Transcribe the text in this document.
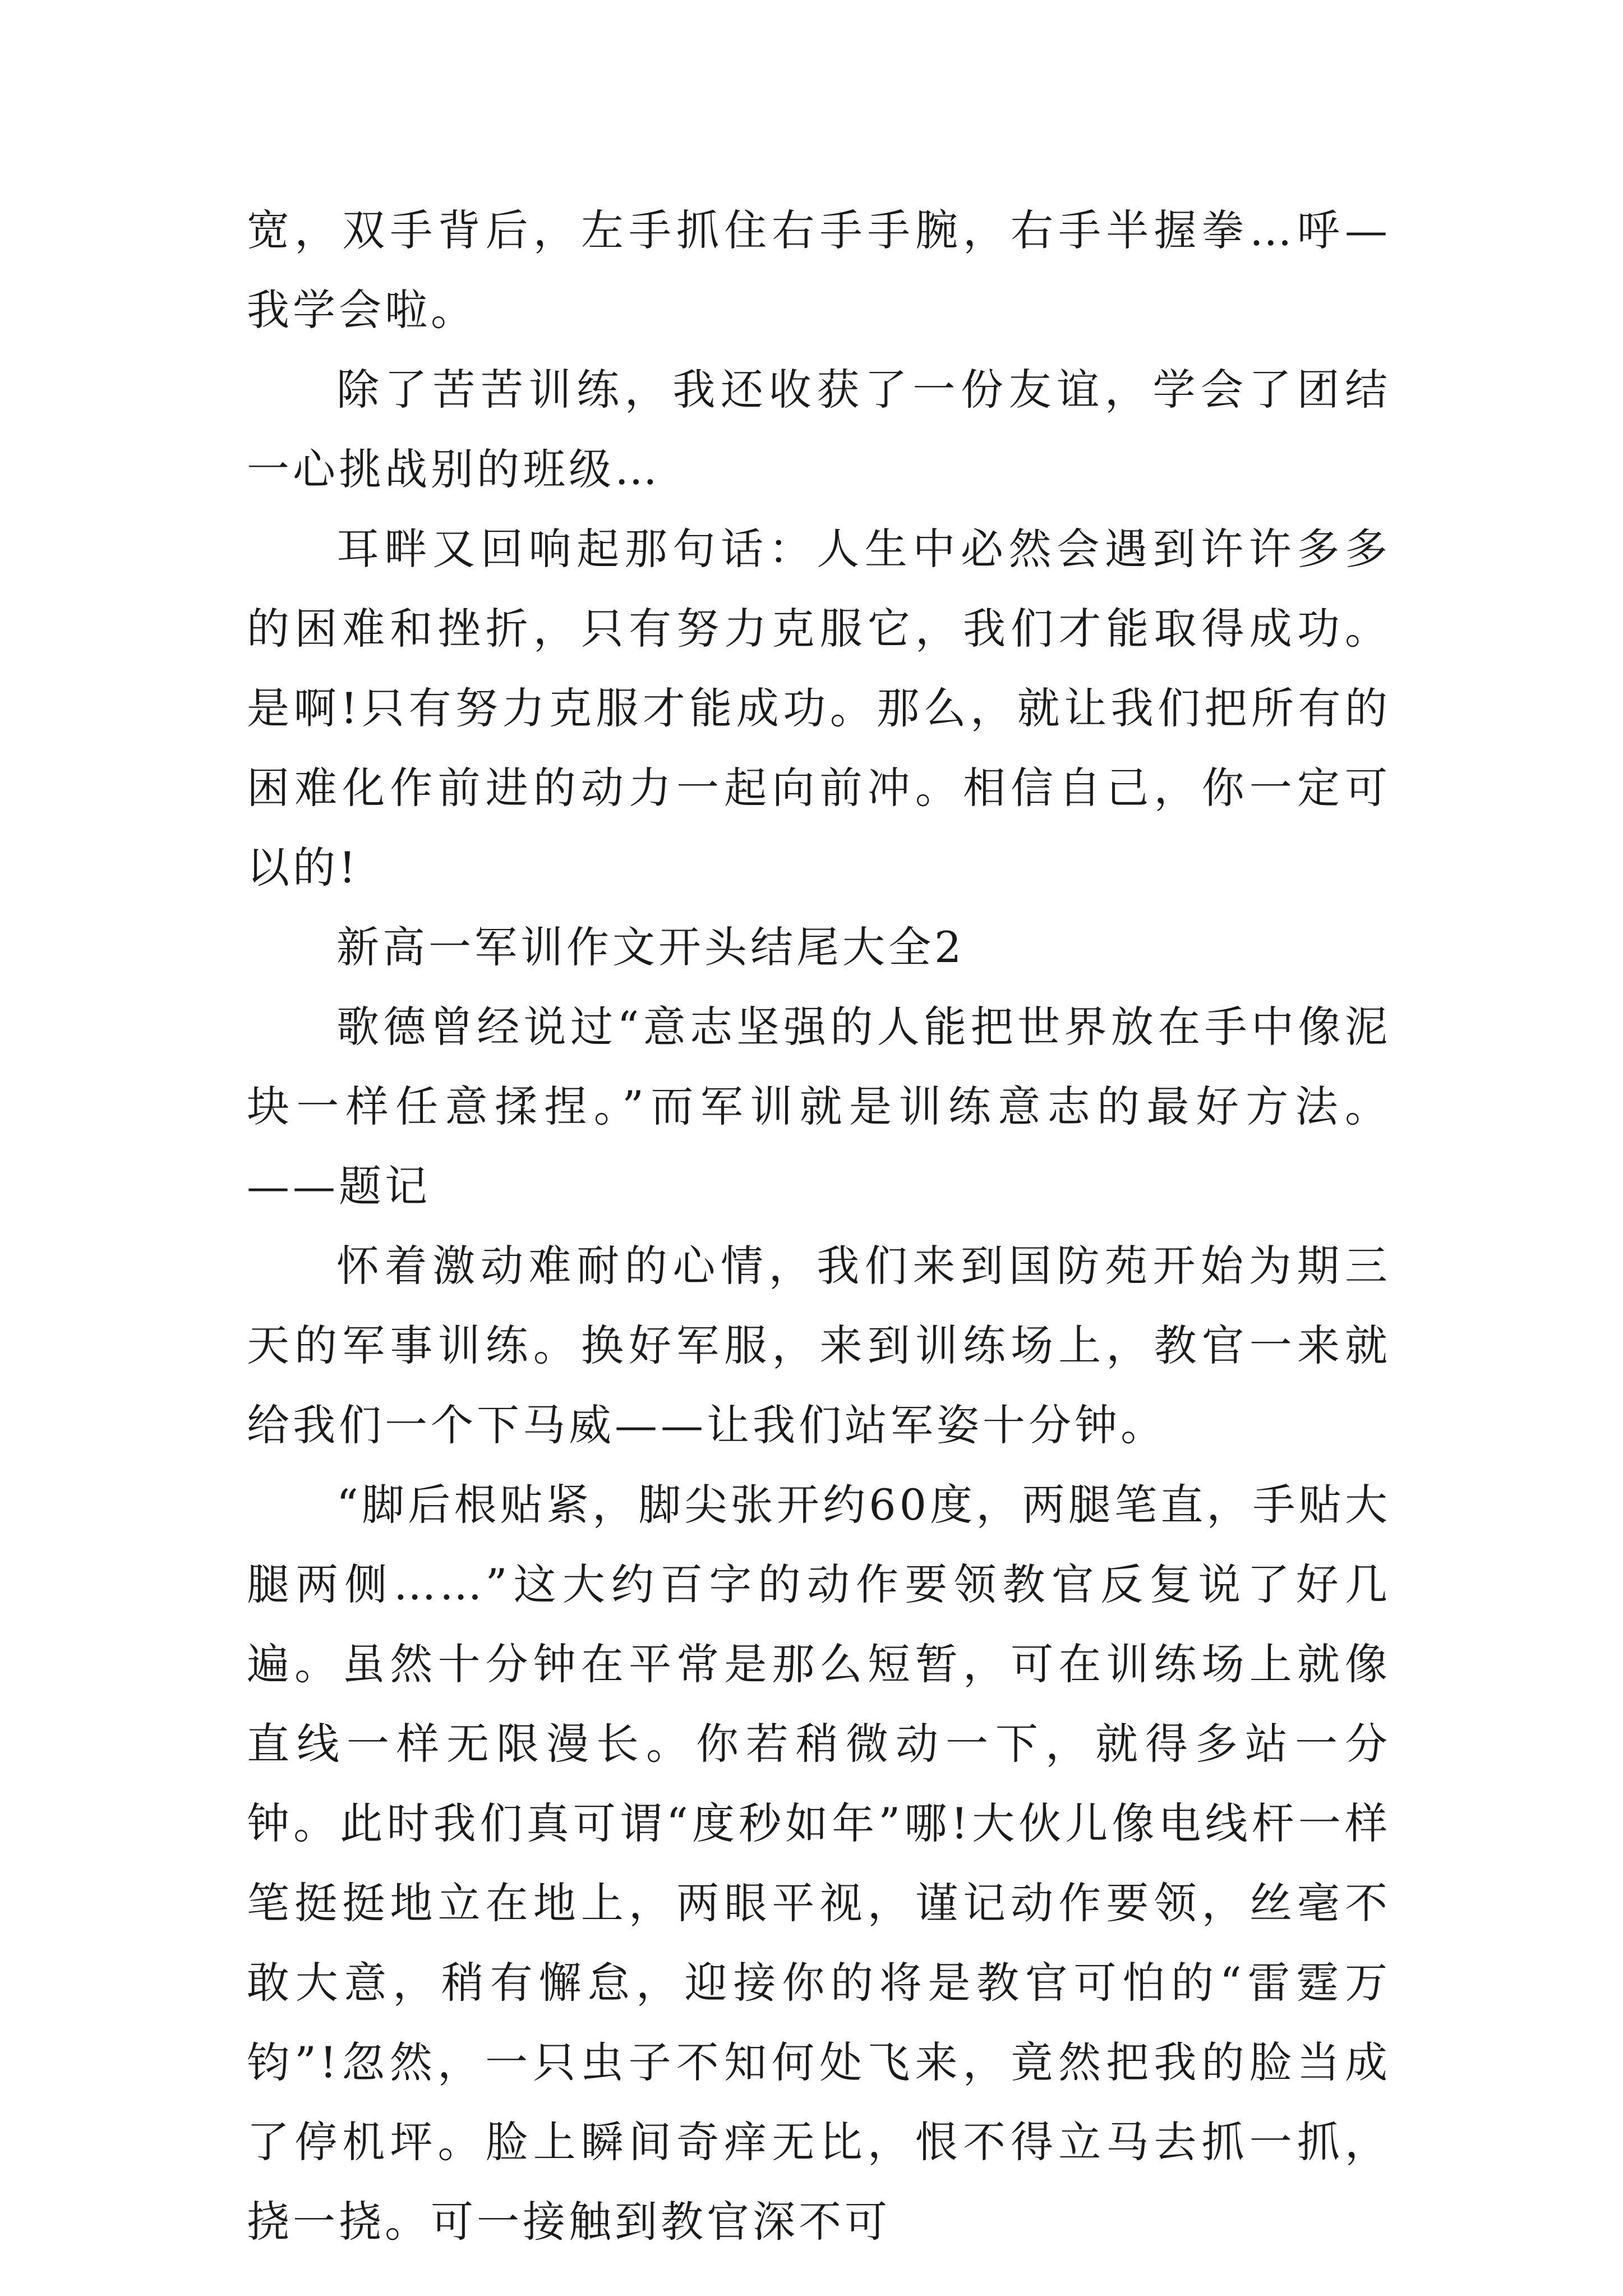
宽，双手背后，左手抓住右手手腕，右手半握拳…呼—我学会啦。

除了苦苦训练，我还收获了一份友谊，学会了团结一心挑战别的班级…

耳畔又回响起那句话：人生中必然会遇到许许多多的困难和挫折，只有努力克服它，我们才能取得成功。是啊!只有努力克服才能成功。那么，就让我们把所有的困难化作前进的动力一起向前冲。相信自己，你一定可以的!

新高一军训作文开头结尾大全2

歌德曾经说过“意志坚强的人能把世界放在手中像泥块一样任意揉捏。”而军训就是训练意志的最好方法。 ——题记

怀着激动难耐的心情，我们来到国防苑开始为期三天的军事训练。换好军服，来到训练场上，教官一来就给我们一个下马威——让我们站军姿十分钟。

“脚后根贴紧，脚尖张开约60度，两腿笔直，手贴大腿两侧……”这大约百字的动作要领教官反复说了好几遍。虽然十分钟在平常是那么短暂，可在训练场上就像直线一样无限漫长。你若稍微动一下，就得多站一分钟。此时我们真可谓“度秒如年”哪!大伙儿像电线杆一样笔挺挺地立在地上，两眼平视，谨记动作要领，丝毫不敢大意，稍有懈怠，迎接你的将是教官可怕的“雷霆万钧”!忽然，一只虫子不知何处飞来，竟然把我的脸当成了停机坪。脸上瞬间奇痒无比，恨不得立马去抓一抓，挠一挠。可一接触到教官深不可
